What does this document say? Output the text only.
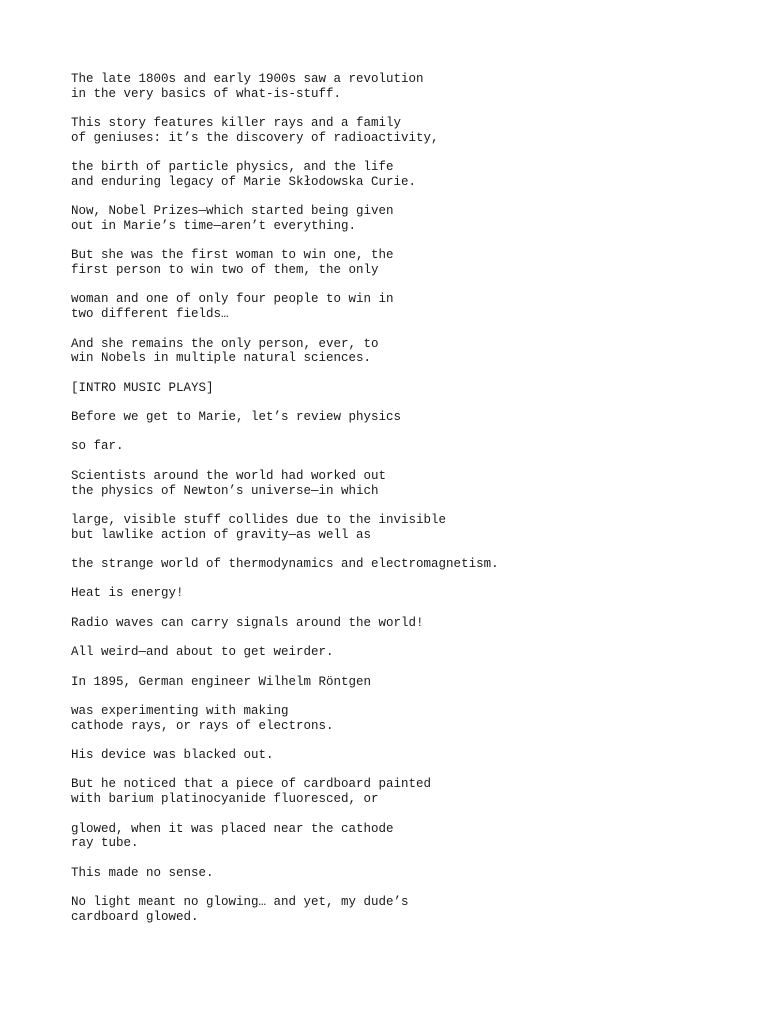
The late 1800s and early 1900s saw a revolution
in the very basics of what-is-stuff.

This story features killer rays and a family
of geniuses: it’s the discovery of radioactivity,

the birth of particle physics, and the life
and enduring legacy of Marie Skłodowska Curie.

Now, Nobel Prizes—which started being given
out in Marie’s time—aren’t everything.

But she was the first woman to win one, the
first person to win two of them, the only

woman and one of only four people to win in
two different fields…

And she remains the only person, ever, to
win Nobels in multiple natural sciences.

[INTRO MUSIC PLAYS]

Before we get to Marie, let’s review physics

so far.

Scientists around the world had worked out
the physics of Newton’s universe—in which

large, visible stuff collides due to the invisible
but lawlike action of gravity—as well as

the strange world of thermodynamics and electromagnetism.

Heat is energy!

Radio waves can carry signals around the world!

All weird—and about to get weirder.

In 1895, German engineer Wilhelm Röntgen

was experimenting with making
cathode rays, or rays of electrons.

His device was blacked out.

But he noticed that a piece of cardboard painted
with barium platinocyanide fluoresced, or

glowed, when it was placed near the cathode
ray tube.

This made no sense.

No light meant no glowing… and yet, my dude’s
cardboard glowed.
